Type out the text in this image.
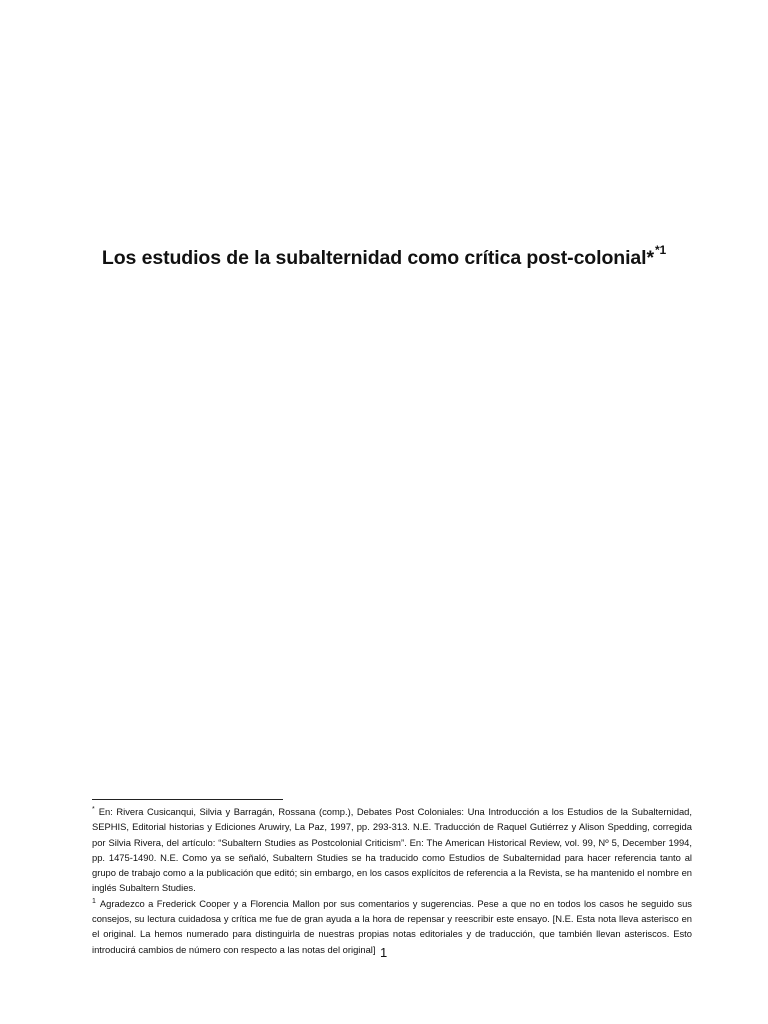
Los estudios de la subalternidad como crítica post-colonial*$^{*1}$

* En: Rivera Cusicanqui, Silvia y Barragán, Rossana (comp.), Debates Post Coloniales: Una Introducción a los Estudios de la Subalternidad, SEPHIS, Editorial historias y Ediciones Aruwiry, La Paz, 1997, pp. 293-313. N.E. Traducción de Raquel Gutiérrez y Alison Spedding, corregida por Silvia Rivera, del artículo: “Subaltern Studies as Postcolonial Criticism”. En: The American Historical Review, vol. 99, Nº 5, December 1994, pp. 1475-1490. N.E. Como ya se señaló, Subaltern Studies se ha traducido como Estudios de Subalternidad para hacer referencia tanto al grupo de trabajo como a la publicación que editó; sin embargo, en los casos explícitos de referencia a la Revista, se ha mantenido el nombre en inglés Subaltern Studies.

$^1$ Agradezco a Frederick Cooper y a Florencia Mallon por sus comentarios y sugerencias. Pese a que no en todos los casos he seguido sus consejos, su lectura cuidadosa y crítica me fue de gran ayuda a la hora de repensar y reescribir este ensayo. [N.E. Esta nota lleva asterisco en el original. La hemos numerado para distinguirla de nuestras propias notas editoriales y de traducción, que también llevan asteriscos. Esto introducirá cambios de número con respecto a las notas del original] 1
